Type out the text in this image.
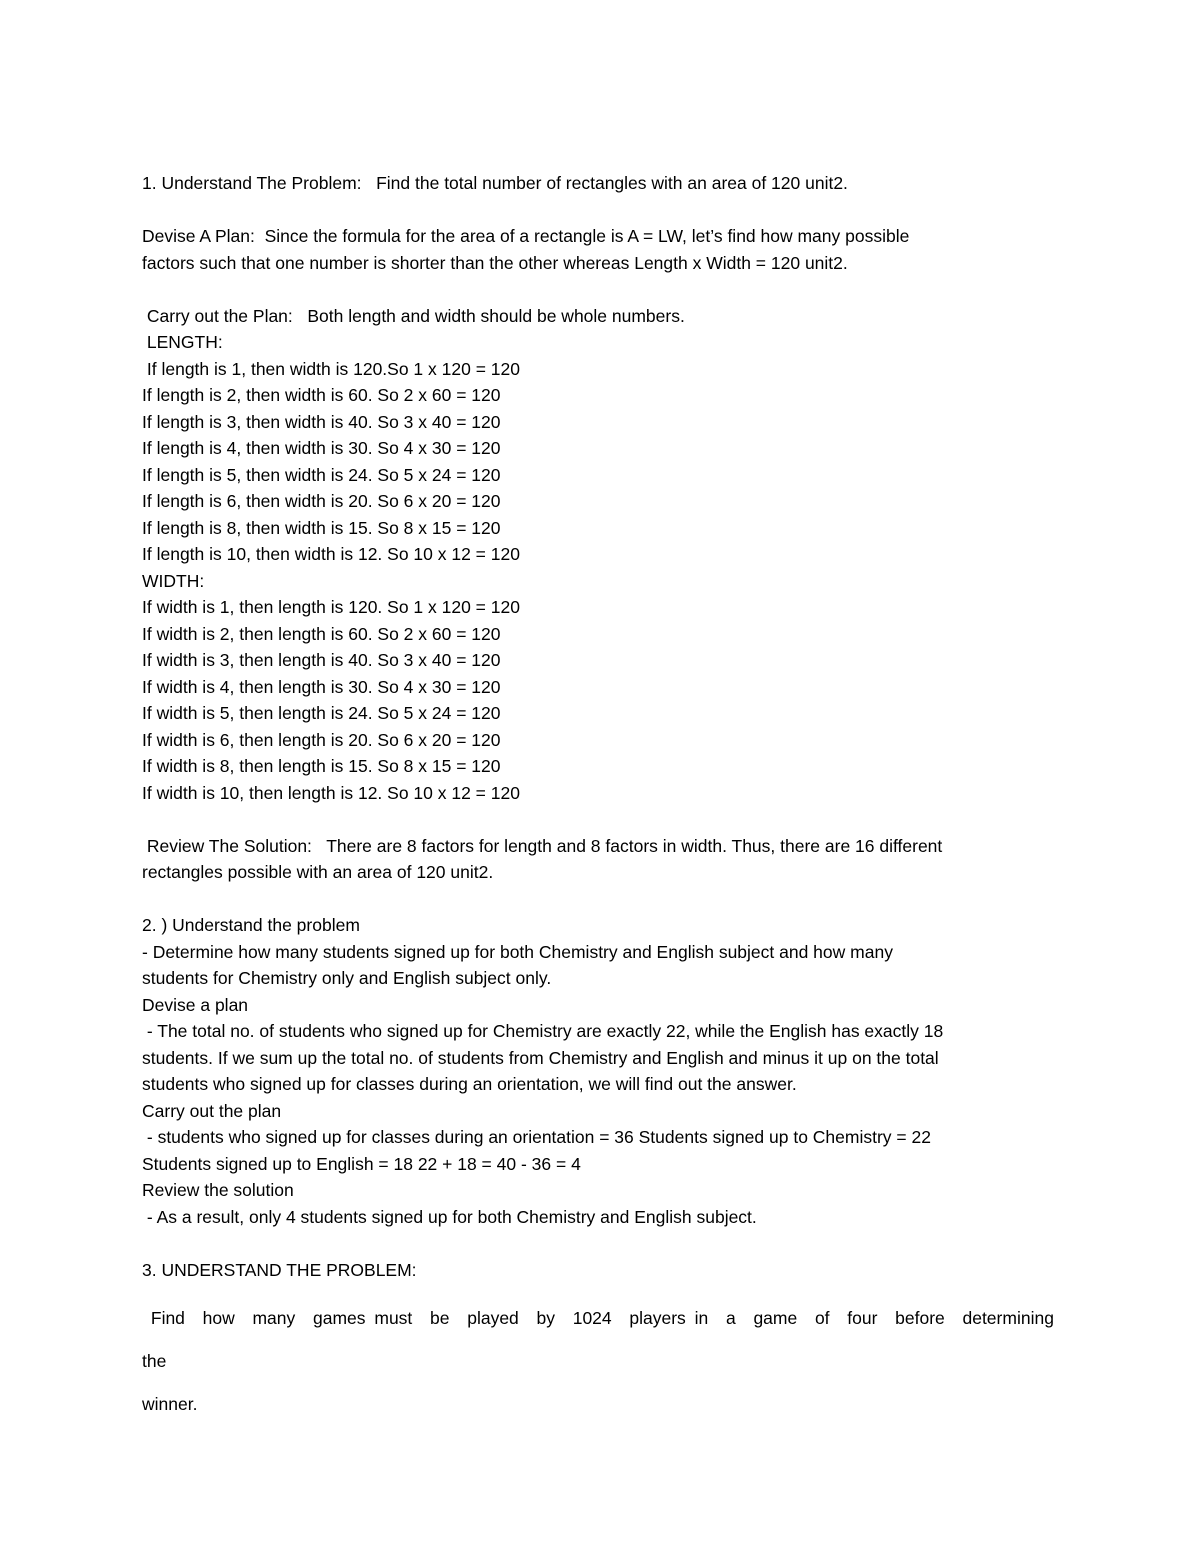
1. Understand The Problem:   Find the total number of rectangles with an area of 120 unit2.

Devise A Plan:  Since the formula for the area of a rectangle is A = LW, let’s find how many possible

factors such that one number is shorter than the other whereas Length x Width = 120 unit2.

Carry out the Plan:   Both length and width should be whole numbers.

LENGTH:

If length is 1, then width is 120.So 1 x 120 = 120

If length is 2, then width is 60. So 2 x 60 = 120

If length is 3, then width is 40. So 3 x 40 = 120

If length is 4, then width is 30. So 4 x 30 = 120

If length is 5, then width is 24. So 5 x 24 = 120

If length is 6, then width is 20. So 6 x 20 = 120

If length is 8, then width is 15. So 8 x 15 = 120

If length is 10, then width is 12. So 10 x 12 = 120

WIDTH:

If width is 1, then length is 120. So 1 x 120 = 120

If width is 2, then length is 60. So 2 x 60 = 120

If width is 3, then length is 40. So 3 x 40 = 120

If width is 4, then length is 30. So 4 x 30 = 120

If width is 5, then length is 24. So 5 x 24 = 120

If width is 6, then length is 20. So 6 x 20 = 120

If width is 8, then length is 15. So 8 x 15 = 120

If width is 10, then length is 12. So 10 x 12 = 120

Review The Solution:   There are 8 factors for length and 8 factors in width. Thus, there are 16 different

rectangles possible with an area of 120 unit2.

2. ) Understand the problem

- Determine how many students signed up for both Chemistry and English subject and how many

students for Chemistry only and English subject only.

Devise a plan

- The total no. of students who signed up for Chemistry are exactly 22, while the English has exactly 18

students. If we sum up the total no. of students from Chemistry and English and minus it up on the total

students who signed up for classes during an orientation, we will find out the answer.

Carry out the plan

- students who signed up for classes during an orientation = 36 Students signed up to Chemistry = 22

Students signed up to English = 18 22 + 18 = 40 - 36 = 4

Review the solution

- As a result, only 4 students signed up for both Chemistry and English subject.

3. UNDERSTAND THE PROBLEM:

Find  how  many  games must  be  played  by  1024  players in  a  game  of  four  before  determining the

winner.
